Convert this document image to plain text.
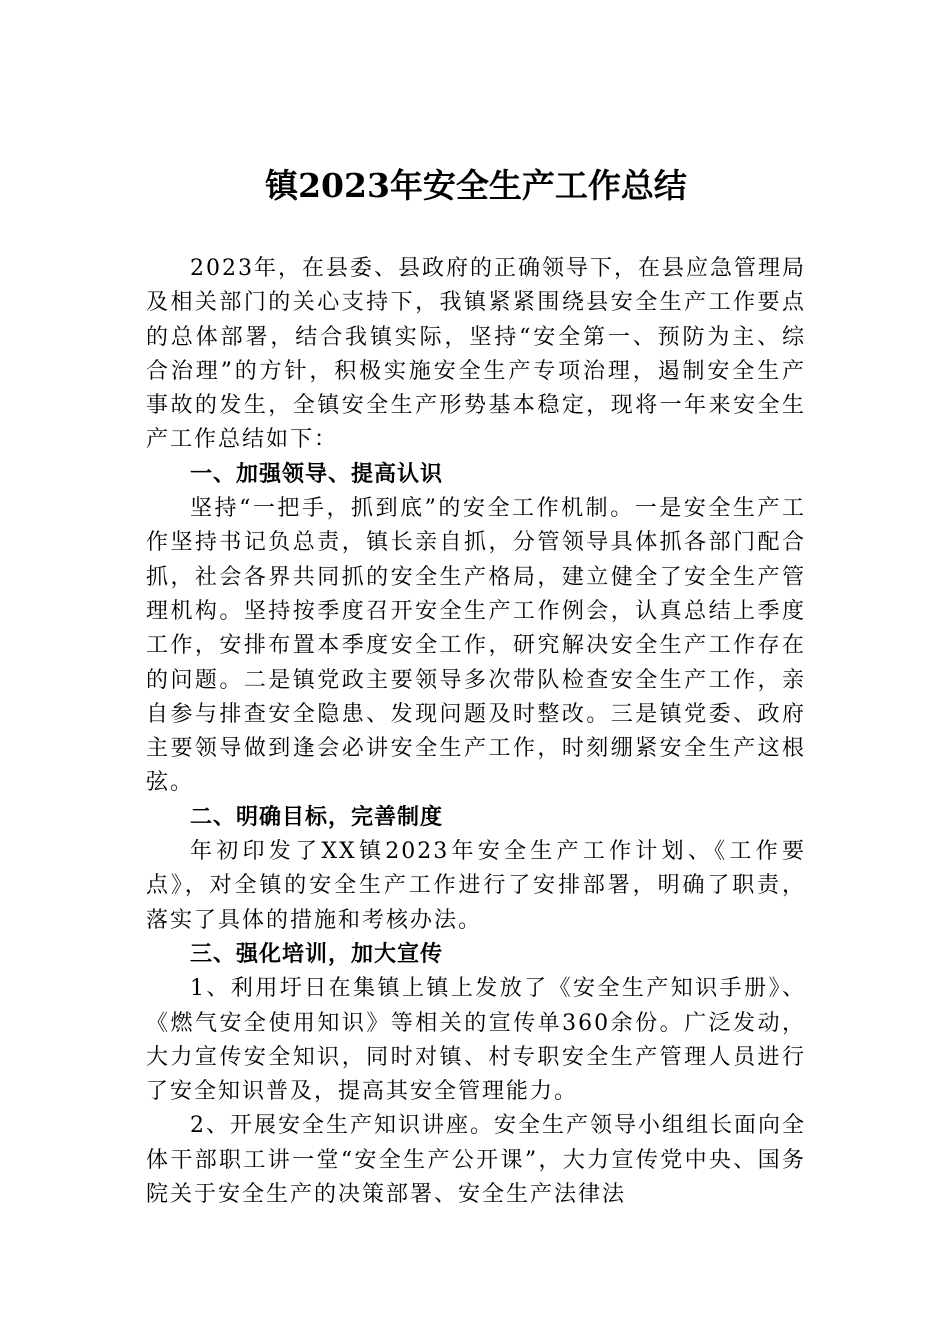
镇2023年安全生产工作总结

2023年，在县委、县政府的正确领导下，在县应急管理局及相关部门的关心支持下，我镇紧紧围绕县安全生产工作要点的总体部署，结合我镇实际，坚持“安全第一、预防为主、综合治理”的方针，积极实施安全生产专项治理，遏制安全生产事故的发生，全镇安全生产形势基本稳定，现将一年来安全生产工作总结如下：

一、加强领导、提高认识

坚持“一把手，抓到底”的安全工作机制。一是安全生产工作坚持书记负总责，镇长亲自抓，分管领导具体抓各部门配合抓，社会各界共同抓的安全生产格局，建立健全了安全生产管理机构。坚持按季度召开安全生产工作例会，认真总结上季度工作，安排布置本季度安全工作，研究解决安全生产工作存在的问题。二是镇党政主要领导多次带队检查安全生产工作，亲自参与排查安全隐患、发现问题及时整改。三是镇党委、政府主要领导做到逢会必讲安全生产工作，时刻绷紧安全生产这根弦。

二、明确目标，完善制度

年初印发了XX镇2023年安全生产工作计划、《工作要点》，对全镇的安全生产工作进行了安排部署，明确了职责，落实了具体的措施和考核办法。

三、强化培训，加大宣传

1、利用圩日在集镇上镇上发放了《安全生产知识手册》、《燃气安全使用知识》等相关的宣传单360余份。广泛发动，大力宣传安全知识，同时对镇、村专职安全生产管理人员进行了安全知识普及，提高其安全管理能力。

2、开展安全生产知识讲座。安全生产领导小组组长面向全体干部职工讲一堂“安全生产公开课”，大力宣传党中央、国务院关于安全生产的决策部署、安全生产法律法
